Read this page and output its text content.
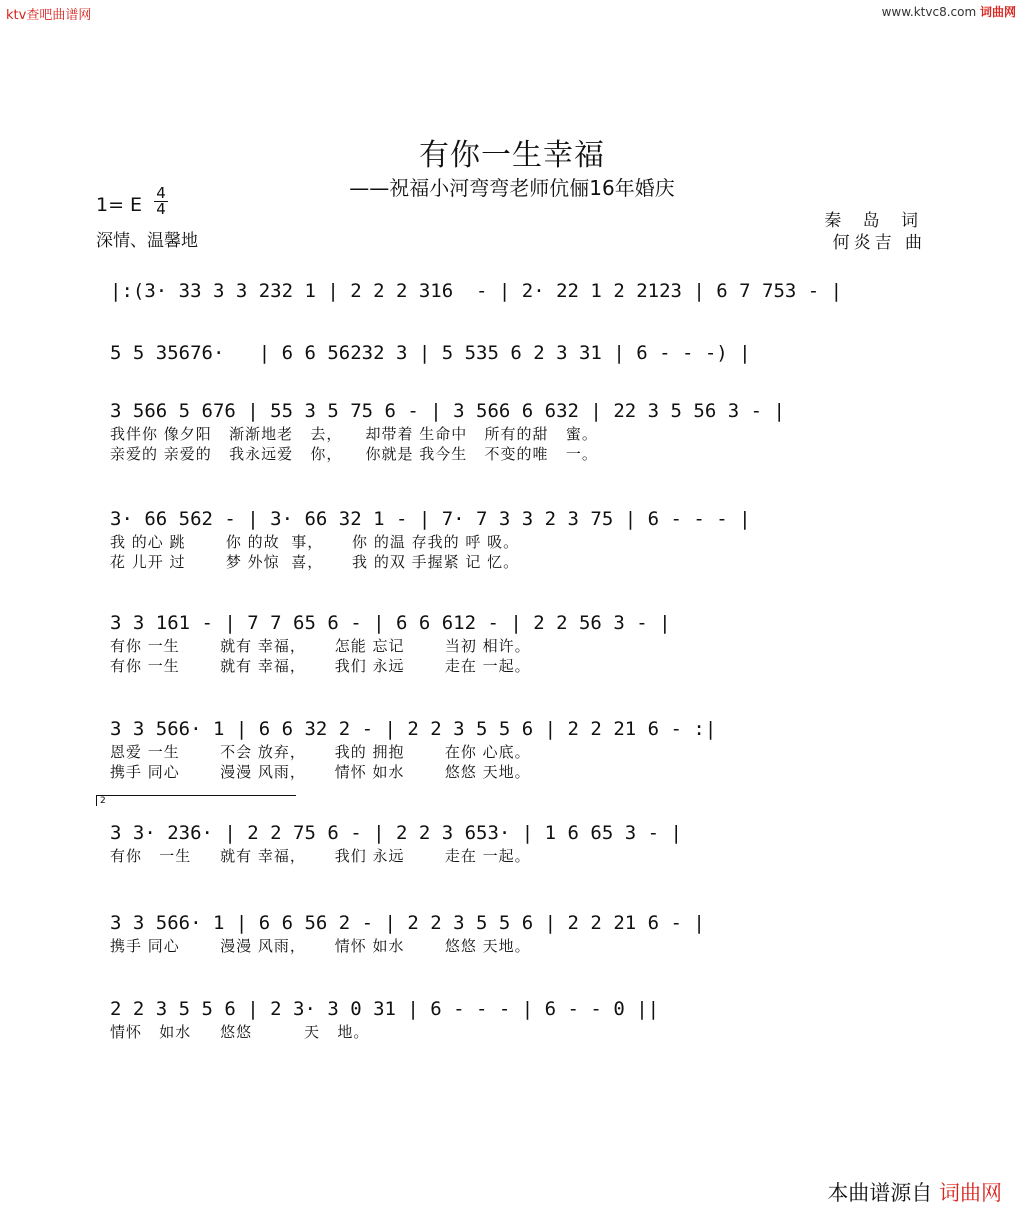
ktv查吧曲谱网	www.ktvc8.com 词曲网
有你一生幸福
——祝福小河弯弯老师伉俪16年婚庆
1= E
4
4
深情、温馨地
秦 岛 词
何炎吉 曲
|:(3· 33 3 3 232 1 | 2 2 2 316  - | 2· 22 1 2 2123 | 6 7 753 - |
5 5 35676·   | 6 6 56232 3 | 5 535 6 2 3 31 | 6 - - -) |
3 566 5 676 | 55 3 5 75 6 - | 3 566 6 632 | 22 3 5 56 3 - |
我伴你 像夕阳   渐渐地老   去，    却带着 生命中   所有的甜   蜜。
亲爱的 亲爱的   我永远爱   你，    你就是 我今生   不变的唯   一。
3· 66 562 - | 3· 66 32 1 - | 7· 7 3 3 2 3 75 | 6 - - - |
我 的心 跳       你 的故  事，     你 的温 存我的 呼 吸。
花 儿开 过       梦 外惊  喜，     我 的双 手握紧 记 忆。
3 3 161 - | 7 7 65 6 - | 6 6 612 - | 2 2 56 3 - |
有你 一生       就有 幸福，     怎能 忘记       当初 相许。
有你 一生       就有 幸福，     我们 永远       走在 一起。
3 3 566· 1 | 6 6 32 2 - | 2 2 3 5 5 6 | 2 2 21 6 - :|
恩爱 一生       不会 放弃，     我的 拥抱       在你 心底。
携手 同心       漫漫 风雨，     情怀 如水       悠悠 天地。
3 3· 236· | 2 2 75 6 - | 2 2 3 653· | 1 6 65 3 - |
有你   一生     就有 幸福，     我们 永远       走在 一起。
3 3 566· 1 | 6 6 56 2 - | 2 2 3 5 5 6 | 2 2 21 6 - |
携手 同心       漫漫 风雨，     情怀 如水       悠悠 天地。
2 2 3 5 5 6 | 2 3· 3 0 31 | 6 - - - | 6 - - 0 ||
情怀   如水     悠悠         天   地。
2
本曲谱源自 词曲网
